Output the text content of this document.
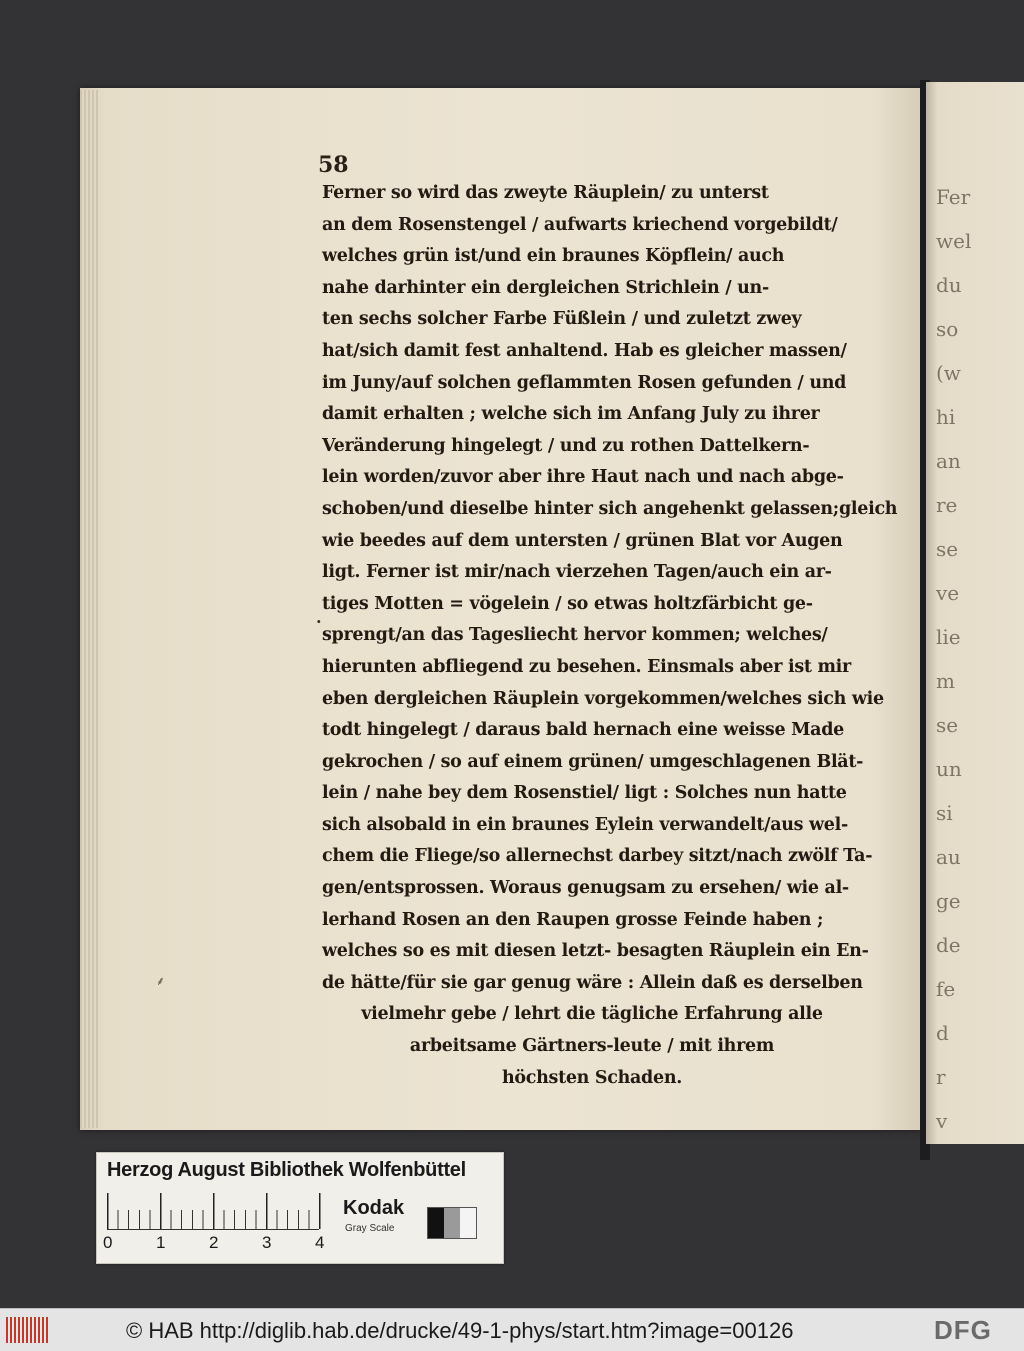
Fer
wel
du
so
(w
hi
an
re
se
ve
lie
m
se
un
si
au
ge
de
fe
d
r
v
58
·
⸙
Ferner so wird das zweyte Räuplein/ zu unterst
an dem Rosenstengel / aufwarts kriechend vorgebildt/
welches grün ist/und ein braunes Köpflein/ auch
nahe darhinter ein dergleichen Strichlein / un-
ten sechs solcher Farbe Füßlein / und zuletzt zwey
hat/sich damit fest anhaltend. Hab es gleicher massen/
im Juny/auf solchen geflammten Rosen gefunden / und
damit erhalten ; welche sich im Anfang July zu ihrer
Veränderung hingelegt / und zu rothen Dattelkern-
lein worden/zuvor aber ihre Haut nach und nach abge-
schoben/und dieselbe hinter sich angehenkt gelassen;gleich
wie beedes auf dem untersten / grünen Blat vor Augen
ligt. Ferner ist mir/nach vierzehen Tagen/auch ein ar-
tiges Motten = vögelein / so etwas holtzfärbicht ge-
sprengt/an das Tagesliecht hervor kommen; welches/
hierunten abfliegend zu besehen. Einsmals aber ist mir
eben dergleichen Räuplein vorgekommen/welches sich wie
todt hingelegt / daraus bald hernach eine weisse Made
gekrochen / so auf einem grünen/ umgeschlagenen Blät-
lein / nahe bey dem Rosenstiel/ ligt : Solches nun hatte
sich alsobald in ein braunes Eylein verwandelt/aus wel-
chem die Fliege/so allernechst darbey sitzt/nach zwölf Ta-
gen/entsprossen. Woraus genugsam zu ersehen/ wie al-
lerhand Rosen an den Raupen grosse Feinde haben ;
welches so es mit diesen letzt- besagten Räuplein ein En-
de hätte/für sie gar genug wäre : Allein daß es derselben
vielmehr gebe / lehrt die tägliche Erfahrung alle
arbeitsame Gärtners-leute / mit ihrem
höchsten Schaden.
Herzog August Bibliothek Wolfenbüttel
0	1	2	3	4
Kodak
Gray Scale
© HAB http://diglib.hab.de/drucke/49-1-phys/start.htm?image=00126	DFG
